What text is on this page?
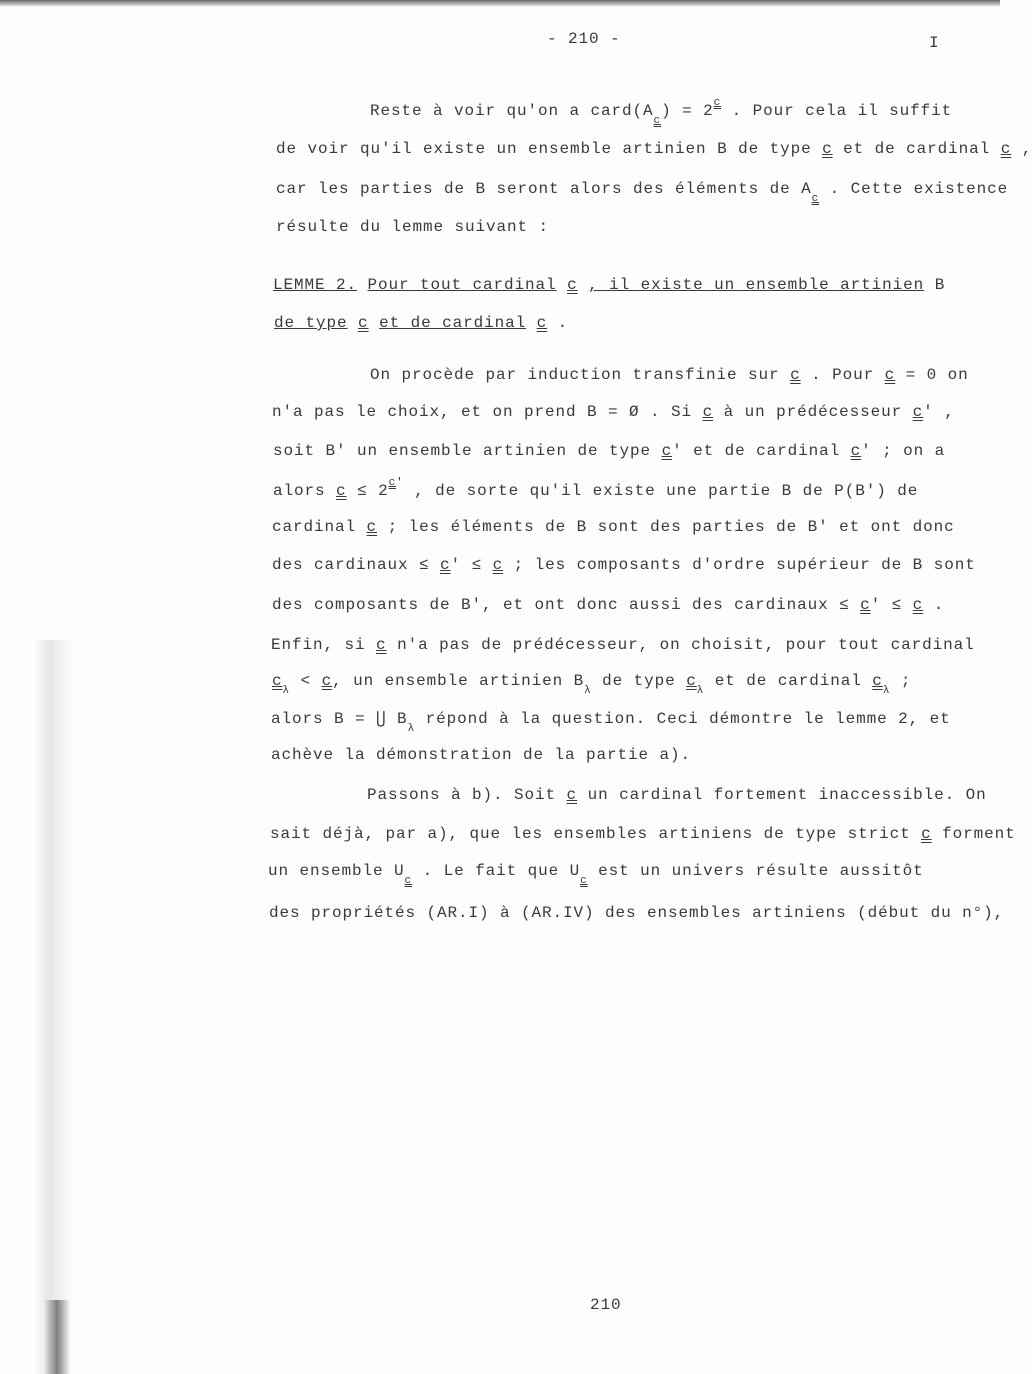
- 210 -	I
Reste à voir qu'on a $card(A_c) = 2^c$ . Pour cela il suffit
de voir qu'il existe un ensemble artinien B de type c et de cardinal c ,
car les parties de B seront alors des éléments de $A_c$ . Cette existence
résulte du lemme suivant :
LEMME 2. Pour tout cardinal c , il existe un ensemble artinien B
de type c et de cardinal c .
On procède par induction transfinie sur c . Pour c = 0 on
n'a pas le choix, et on prend B = Ø . Si c à un prédécesseur c' ,
soit B' un ensemble artinien de type c' et de cardinal c' ; on a
alors $c \le 2^{c'}$ , de sorte qu'il existe une partie B de P(B') de
cardinal c ; les éléments de B sont des parties de B' et ont donc
des cardinaux ≤ c' ≤ c ; les composants d'ordre supérieur de B sont
des composants de B', et ont donc aussi des cardinaux ≤ c' ≤ c .
Enfin, si c n'a pas de prédécesseur, on choisit, pour tout cardinal
$c_\lambda < c$, un ensemble artinien $B_\lambda$ de type $c_\lambda$ et de cardinal $c_\lambda$ ;
alors B = ⋃ $B_\lambda$ répond à la question. Ceci démontre le lemme 2, et
achève la démonstration de la partie a).
Passons à b). Soit c un cardinal fortement inaccessible. On
sait déjà, par a), que les ensembles artiniens de type strict c forment
un ensemble $U_c$ . Le fait que $U_c$ est un univers résulte aussitôt
des propriétés (AR.I) à (AR.IV) des ensembles artiniens (début du n°),
210
